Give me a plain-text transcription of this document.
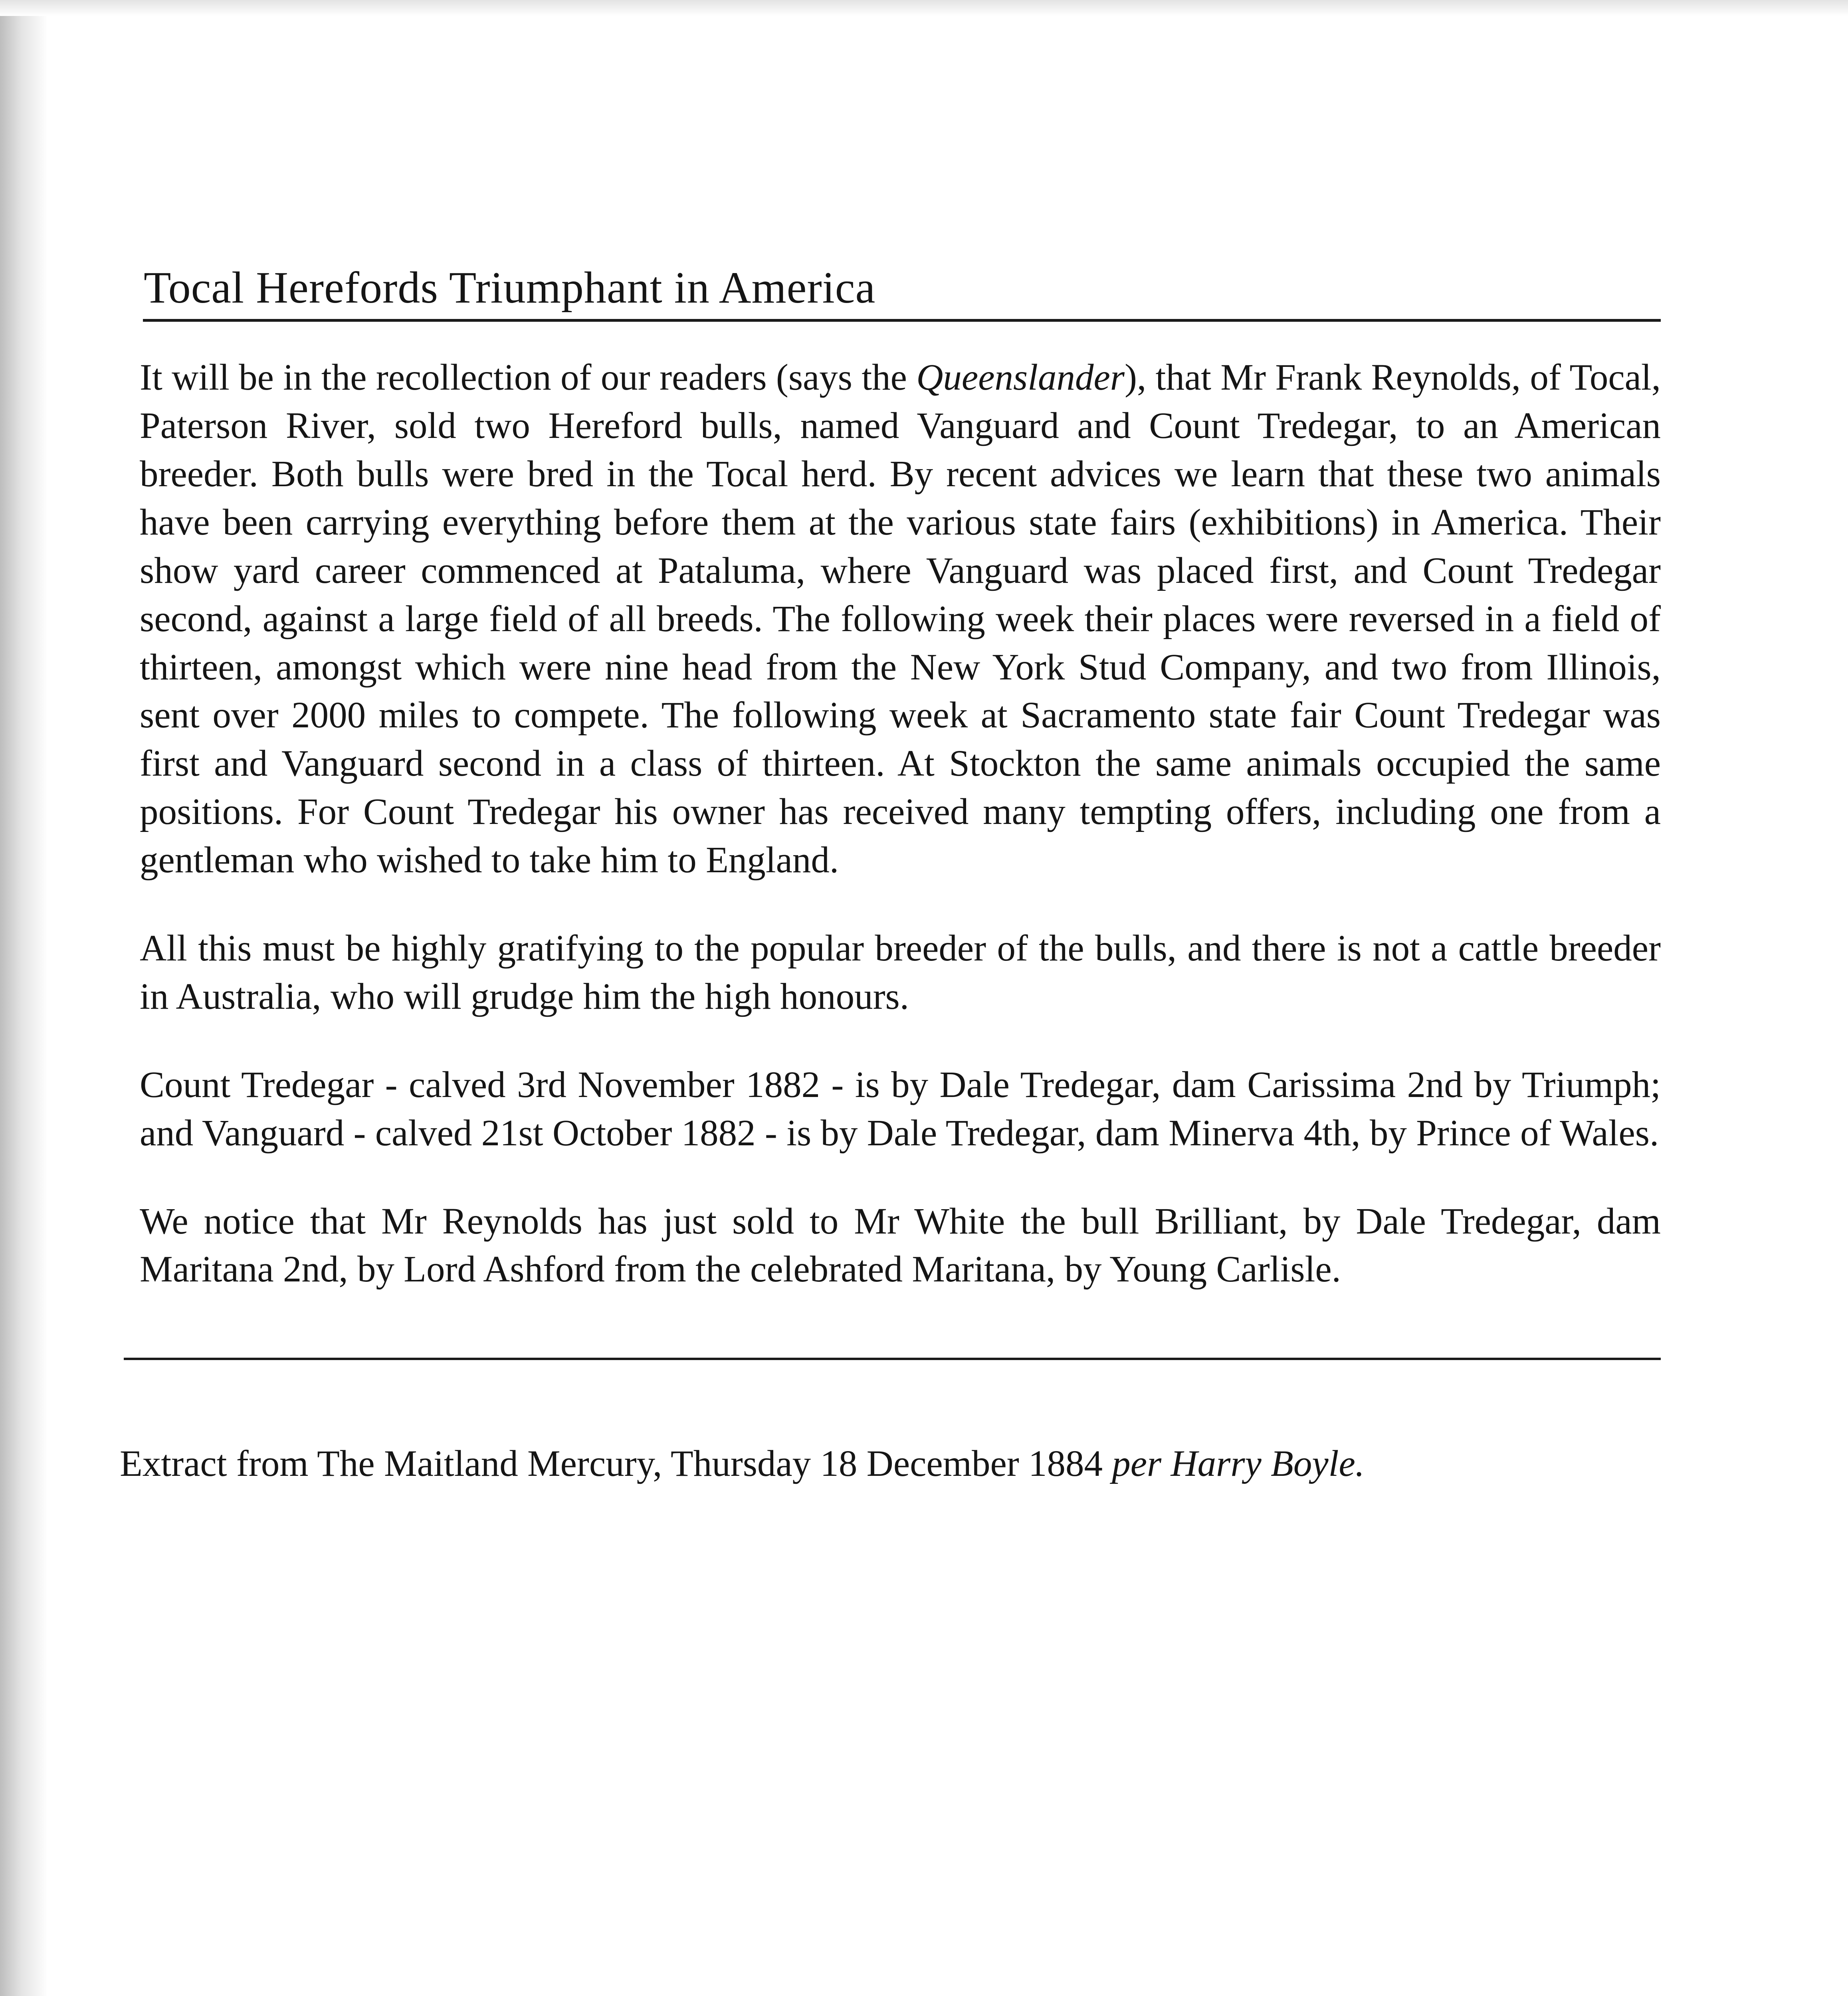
Tocal Herefords Triumphant in America

It will be in the recollection of our readers (says the Queenslander), that Mr Frank Reynolds, of Tocal, Paterson River, sold two Hereford bulls, named Vanguard and Count Tredegar, to an American breeder. Both bulls were bred in the Tocal herd. By recent advices we learn that these two animals have been carrying everything before them at the various state fairs (exhibitions) in America. Their show yard career commenced at Pataluma, where Vanguard was placed first, and Count Tredegar second, against a large field of all breeds. The following week their places were reversed in a field of thirteen, amongst which were nine head from the New York Stud Company, and two from Illinois, sent over 2000 miles to compete. The following week at Sacramento state fair Count Tredegar was first and Vanguard second in a class of thirteen. At Stockton the same animals occupied the same positions. For Count Tredegar his owner has received many tempting offers, including one from a gentleman who wished to take him to England.

All this must be highly gratifying to the popular breeder of the bulls, and there is not a cattle breeder in Australia, who will grudge him the high honours.

Count Tredegar - calved 3rd November 1882 - is by Dale Tredegar, dam Carissima 2nd by Triumph; and Vanguard - calved 21st October 1882 - is by Dale Tredegar, dam Minerva 4th, by Prince of Wales.

We notice that Mr Reynolds has just sold to Mr White the bull Brilliant, by Dale Tredegar, dam Maritana 2nd, by Lord Ashford from the celebrated Maritana, by Young Carlisle.

Extract from The Maitland Mercury, Thursday 18 December 1884 per Harry Boyle.
